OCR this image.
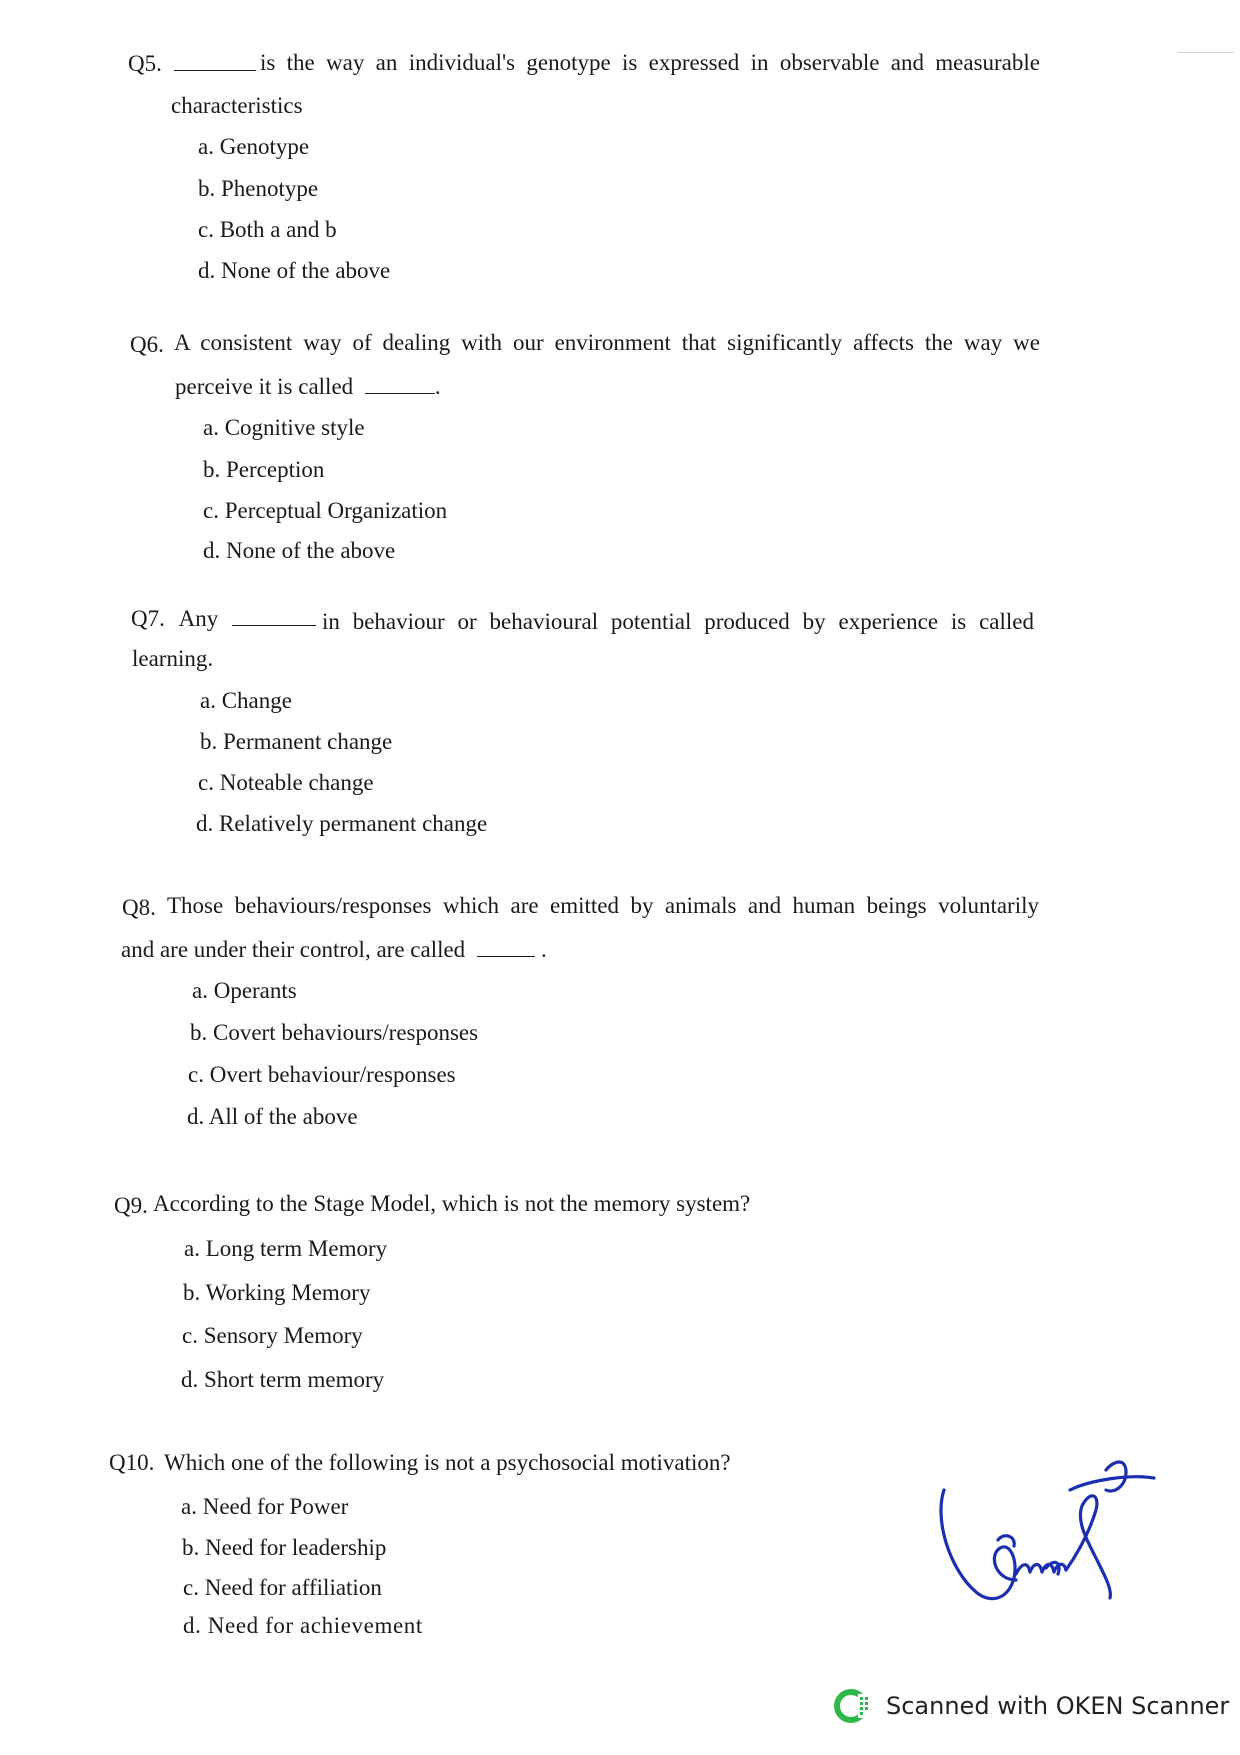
Q5.	is the way an individual's genotype is expressed in observable and measurable
characteristics
a. Genotype
b. Phenotype
c. Both a and b
d. None of the above
Q6. A consistent way of dealing with our environment that significantly affects the way we
perceive it is called	.
a. Cognitive style
b. Perception
c. Perceptual Organization
d. None of the above
Q7. Any	in behaviour or behavioural potential produced by experience is called
learning.
a. Change
b. Permanent change
c. Noteable change
d. Relatively permanent change
Q8. Those behaviours/responses which are emitted by animals and human beings voluntarily
and are under their control, are called	.
a. Operants
b. Covert behaviours/responses
c. Overt behaviour/responses
d. All of the above
Q9. According to the Stage Model, which is not the memory system?
a. Long term Memory
b. Working Memory
c. Sensory Memory
d. Short term memory
Q10. Which one of the following is not a psychosocial motivation?
a. Need for Power
b. Need for leadership
c. Need for affiliation
d. Need for achievement
Scanned with OKEN Scanner
